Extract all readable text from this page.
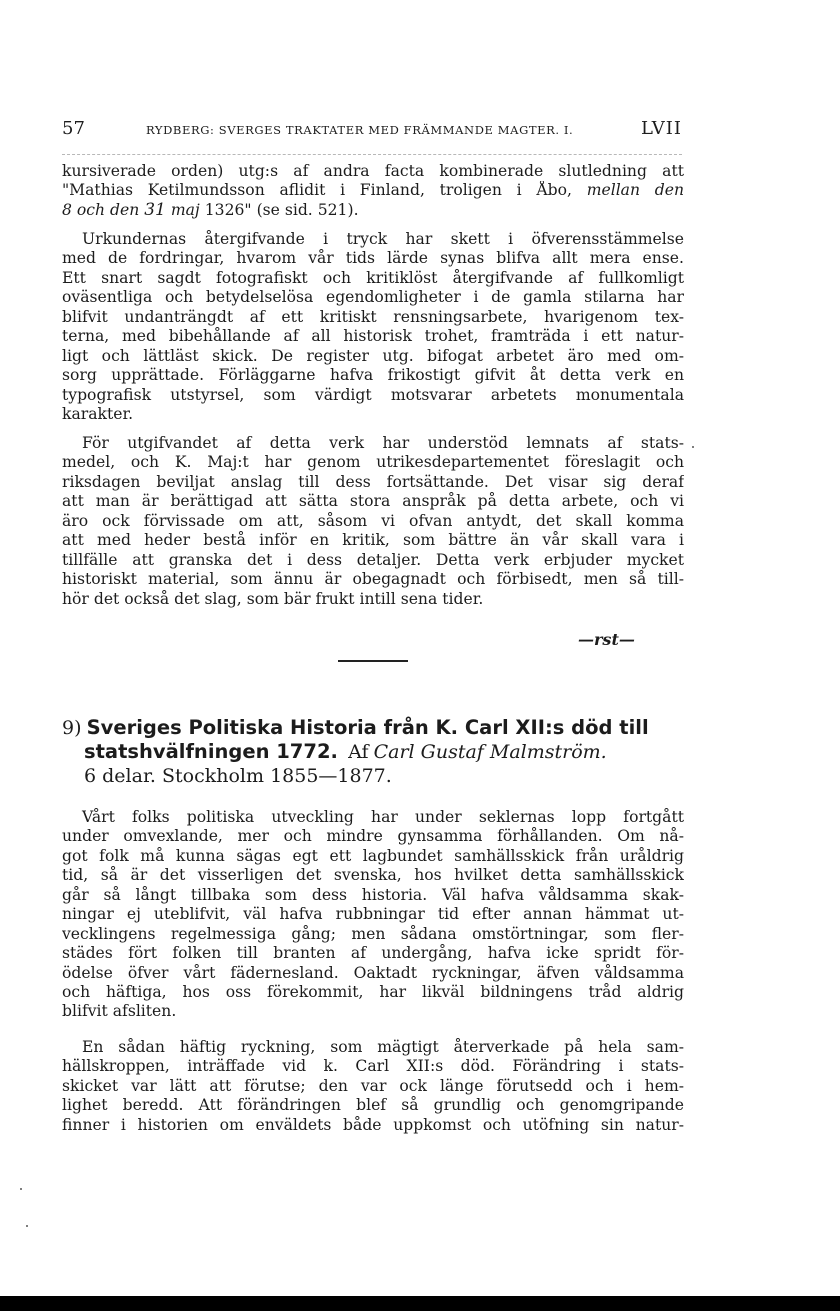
57	RYDBERG: SVERGES TRAKTATER MED FRÄMMANDE MAGTER. I.	LVII
kursiverade orden) utg:s af andra facta kombinerade slutledning att
"Mathias Ketilmundsson aflidit i Finland, troligen i Åbo, mellan den
8 och den 31 maj 1326" (se sid. 521).
Urkundernas återgifvande i tryck har skett i öfverensstämmelse
med de fordringar, hvarom vår tids lärde synas blifva allt mera ense.
Ett snart sagdt fotografiskt och kritiklöst återgifvande af fullkomligt
oväsentliga och betydelselösa egendomligheter i de gamla stilarna har
blifvit undanträngdt af ett kritiskt rensningsarbete, hvarigenom tex-
terna, med bibehållande af all historisk trohet, framträda i ett natur-
ligt och lättläst skick. De register utg. bifogat arbetet äro med om-
sorg upprättade. Förläggarne hafva frikostigt gifvit åt detta verk en
typografisk utstyrsel, som värdigt motsvarar arbetets monumentala
karakter.
För utgifvandet af detta verk har understöd lemnats af stats-
medel, och K. Maj:t har genom utrikesdepartementet föreslagit och
riksdagen beviljat anslag till dess fortsättande. Det visar sig deraf
att man är berättigad att sätta stora anspråk på detta arbete, och vi
äro ock förvissade om att, såsom vi ofvan antydt, det skall komma
att med heder bestå inför en kritik, som bättre än vår skall vara i
tillfälle att granska det i dess detaljer. Detta verk erbjuder mycket
historiskt material, som ännu är obegagnadt och förbisedt, men så till-
hör det också det slag, som bär frukt intill sena tider.
—rst—
9) Sveriges Politiska Historia från K. Carl XII:s död till
statshvälfningen 1772. Af Carl Gustaf Malmström.
6 delar. Stockholm 1855—1877.
Vårt folks politiska utveckling har under seklernas lopp fortgått
under omvexlande, mer och mindre gynsamma förhållanden. Om nå-
got folk må kunna sägas egt ett lagbundet samhällsskick från uråldrig
tid, så är det visserligen det svenska, hos hvilket detta samhällsskick
går så långt tillbaka som dess historia. Väl hafva våldsamma skak-
ningar ej uteblifvit, väl hafva rubbningar tid efter annan hämmat ut-
vecklingens regelmessiga gång; men sådana omstörtningar, som fler-
städes fört folken till branten af undergång, hafva icke spridt för-
ödelse öfver vårt fädernesland. Oaktadt ryckningar, äfven våldsamma
och häftiga, hos oss förekommit, har likväl bildningens tråd aldrig
blifvit afsliten.
En sådan häftig ryckning, som mägtigt återverkade på hela sam-
hällskroppen, inträffade vid k. Carl XII:s död. Förändring i stats-
skicket var lätt att förutse; den var ock länge förutsedd och i hem-
lighet beredd. Att förändringen blef så grundlig och genomgripande
finner i historien om enväldets både uppkomst och utöfning sin natur-
